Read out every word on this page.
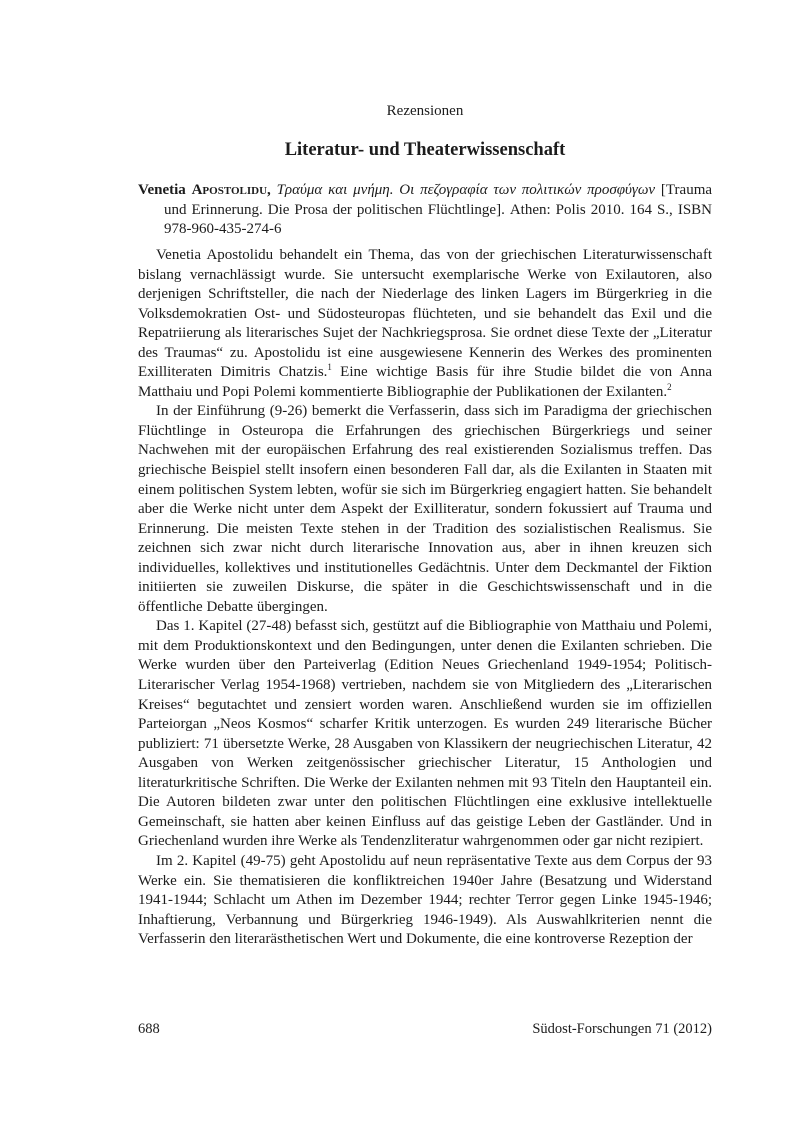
Rezensionen
Literatur- und Theaterwissenschaft
Venetia Apostolidu, Τραύμα και μνήμη. Οι πεζογραφία των πολιτικών προσφύγων [Trauma und Erinnerung. Die Prosa der politischen Flüchtlinge]. Athen: Polis 2010. 164 S., ISBN 978-960-435-274-6

Venetia Apostolidu behandelt ein Thema, das von der griechischen Literaturwissenschaft bislang vernachlässigt wurde. Sie untersucht exemplarische Werke von Exilautoren, also derjenigen Schriftsteller, die nach der Niederlage des linken Lagers im Bürgerkrieg in die Volksdemokratien Ost- und Südosteuropas flüchteten, und sie behandelt das Exil und die Repatriierung als literarisches Sujet der Nachkriegsprosa. Sie ordnet diese Texte der „Literatur des Traumas“ zu. Apostolidu ist eine ausgewiesene Kennerin des Werkes des prominenten Exilliteraten Dimitris Chatzis.$^1$ Eine wichtige Basis für ihre Studie bildet die von Anna Matthaiu und Popi Polemi kommentierte Bibliographie der Publikationen der Exilanten.$^2$

In der Einführung (9-26) bemerkt die Verfasserin, dass sich im Paradigma der griechischen Flüchtlinge in Osteuropa die Erfahrungen des griechischen Bürgerkriegs und seiner Nachwehen mit der europäischen Erfahrung des real existierenden Sozialismus treffen. Das griechische Beispiel stellt insofern einen besonderen Fall dar, als die Exilanten in Staaten mit einem politischen System lebten, wofür sie sich im Bürgerkrieg engagiert hatten. Sie behandelt aber die Werke nicht unter dem Aspekt der Exilliteratur, sondern fokussiert auf Trauma und Erinnerung. Die meisten Texte stehen in der Tradition des sozialistischen Realismus. Sie zeichnen sich zwar nicht durch literarische Innovation aus, aber in ihnen kreuzen sich individuelles, kollektives und institutionelles Gedächtnis. Unter dem Deckmantel der Fiktion initiierten sie zuweilen Diskurse, die später in die Geschichtswissenschaft und in die öffentliche Debatte übergingen.

Das 1. Kapitel (27-48) befasst sich, gestützt auf die Bibliographie von Matthaiu und Polemi, mit dem Produktionskontext und den Bedingungen, unter denen die Exilanten schrieben. Die Werke wurden über den Parteiverlag (Edition Neues Griechenland 1949-1954; Politisch-Literarischer Verlag 1954-1968) vertrieben, nachdem sie von Mitgliedern des „Literarischen Kreises“ begutachtet und zensiert worden waren. Anschließend wurden sie im offiziellen Parteiorgan „Neos Kosmos“ scharfer Kritik unterzogen. Es wurden 249 literarische Bücher publiziert: 71 übersetzte Werke, 28 Ausgaben von Klassikern der neugriechischen Literatur, 42 Ausgaben von Werken zeitgenössischer griechischer Literatur, 15 Anthologien und literaturkritische Schriften. Die Werke der Exilanten nehmen mit 93 Titeln den Hauptanteil ein. Die Autoren bildeten zwar unter den politischen Flüchtlingen eine exklusive intellektuelle Gemeinschaft, sie hatten aber keinen Einfluss auf das geistige Leben der Gastländer. Und in Griechenland wurden ihre Werke als Tendenzliteratur wahrgenommen oder gar nicht rezipiert.

Im 2. Kapitel (49-75) geht Apostolidu auf neun repräsentative Texte aus dem Corpus der 93 Werke ein. Sie thematisieren die konfliktreichen 1940er Jahre (Besatzung und Widerstand 1941-1944; Schlacht um Athen im Dezember 1944; rechter Terror gegen Linke 1945-1946; Inhaftierung, Verbannung und Bürgerkrieg 1946-1949). Als Auswahlkriterien nennt die Verfasserin den literarästhetischen Wert und Dokumente, die eine kontroverse Rezeption der

688	Südost-Forschungen 71 (2012)
